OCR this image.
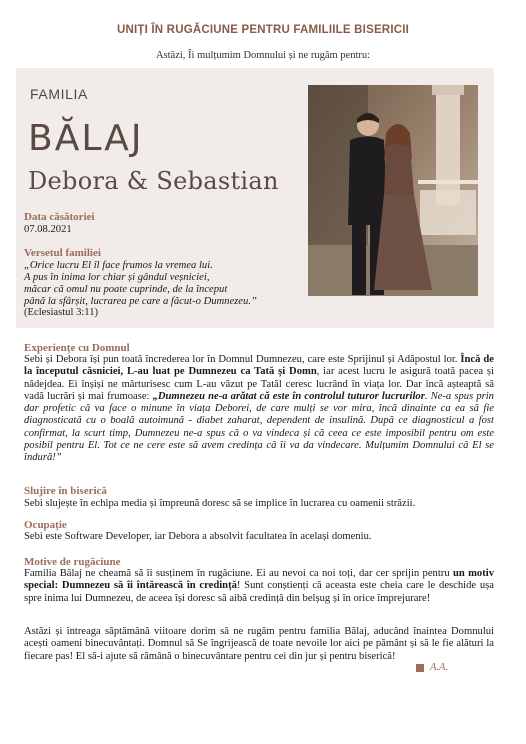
UNIȚI ÎN RUGĂCIUNE PENTRU FAMILIILE BISERICII
Astăzi, Îi mulțumim Domnului și ne rugăm pentru:
FAMILIA
BĂLAJ
Debora & Sebastian
Data căsătoriei
07.08.2021
Versetul familiei
„Orice lucru El îl face frumos la vremea lui.
A pus în inima lor chiar și gândul veșniciei,
măcar că omul nu poate cuprinde, de la început
până la sfârșit, lucrarea pe care a făcut-o Dumnezeu.”
(Eclesiastul 3:11)
Experiențe cu Domnul
Sebi și Debora își pun toată încrederea lor în Domnul Dumnezeu, care este Sprijinul și Adăpostul lor. Încă de la începutul căsniciei, L-au luat pe Dumnezeu ca Tată și Domn, iar acest lucru le asigură toată pacea și nădejdea. Ei înșiși ne mărturisesc cum L-au văzut pe Tatăl ceresc lucrând în viața lor. Dar încă așteaptă să vadă lucrări și mai frumoase: „Dumnezeu ne-a arătat că este în controlul tuturor lucrurilor. Ne-a spus prin dar profetic că va face o minune în viața Deborei, de care mulți se vor mira, încă dinainte ca ea să fie diagnosticată cu o boală autoimună - diabet zaharat, dependent de insulină. După ce diagnosticul a fost confirmat, la scurt timp, Dumnezeu ne-a spus că o va vindeca și că ceea ce este imposibil pentru om este posibil pentru El. Tot ce ne cere este să avem credința că îi va da vindecare. Mulțumim Domnului că El se îndură!”
Slujire în biserică
Sebi slujește în echipa media și împreună doresc să se implice în lucrarea cu oamenii străzii.
Ocupație
Sebi este Software Developer, iar Debora a absolvit facultatea în același domeniu.
Motive de rugăciune
Familia Bălaj ne cheamă să îi susținem în rugăciune. Ei au nevoi ca noi toți, dar cer sprijin pentru un motiv special: Dumnezeu să îi întărească în credință! Sunt conștienți că aceasta este cheia care le deschide ușa spre inima lui Dumnezeu, de aceea își doresc să aibă credință din belșug și în orice împrejurare!
Astăzi și întreaga săptămână viitoare dorim să ne rugăm pentru familia Bălaj, aducând înaintea Domnului acești oameni binecuvântați. Domnul să Se îngrijească de toate nevoile lor aici pe pământ și să le fie alături la fiecare pas! El să-i ajute să rămână o binecuvântare pentru cei din jur și pentru biserică!
A.A.
